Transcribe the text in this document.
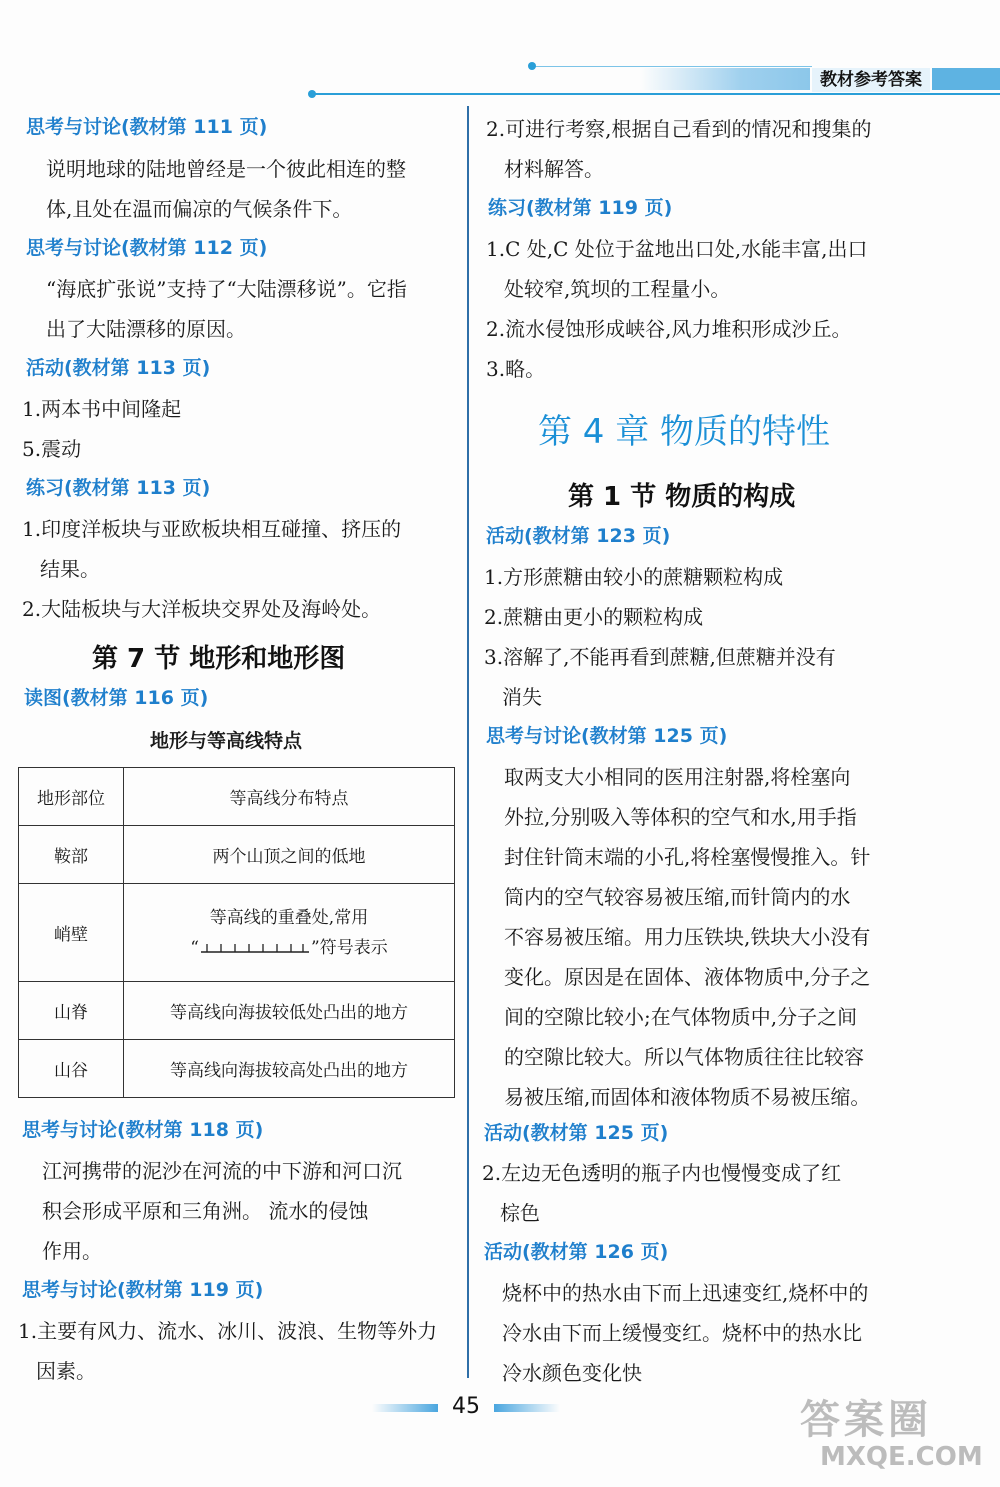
教材参考答案
思考与讨论(教材第 111 页)
说明地球的陆地曾经是一个彼此相连的整
体,且处在温而偏凉的气候条件下。
思考与讨论(教材第 112 页)
“海底扩张说”支持了“大陆漂移说”。它指
出了大陆漂移的原因。
活动(教材第 113 页)
1.两本书中间隆起
5.震动
练习(教材第 113 页)
1.印度洋板块与亚欧板块相互碰撞、挤压的
结果。
2.大陆板块与大洋板块交界处及海岭处。
第 7 节 地形和地形图
读图(教材第 116 页)
地形与等高线特点
地形部位	等高线分布特点
鞍部	两个山顶之间的低地
峭壁	等高线的重叠处,常用
“ ”符号表示

山脊	等高线向海拔较低处凸出的地方
山谷	等高线向海拔较高处凸出的地方
思考与讨论(教材第 118 页)
江河携带的泥沙在河流的中下游和河口沉
积会形成平原和三角洲。 流水的侵蚀
作用。
思考与讨论(教材第 119 页)
1.主要有风力、流水、冰川、波浪、生物等外力
因素。
2.可进行考察,根据自己看到的情况和搜集的
材料解答。
练习(教材第 119 页)
1.C 处,C 处位于盆地出口处,水能丰富,出口
处较窄,筑坝的工程量小。
2.流水侵蚀形成峡谷,风力堆积形成沙丘。
3.略。
第 4 章 物质的特性
第 1 节 物质的构成
活动(教材第 123 页)
1.方形蔗糖由较小的蔗糖颗粒构成
2.蔗糖由更小的颗粒构成
3.溶解了,不能再看到蔗糖,但蔗糖并没有
消失
思考与讨论(教材第 125 页)
取两支大小相同的医用注射器,将栓塞向
外拉,分别吸入等体积的空气和水,用手指
封住针筒末端的小孔,将栓塞慢慢推入。针
筒内的空气较容易被压缩,而针筒内的水
不容易被压缩。用力压铁块,铁块大小没有
变化。原因是在固体、液体物质中,分子之
间的空隙比较小;在气体物质中,分子之间
的空隙比较大。所以气体物质往往比较容
易被压缩,而固体和液体物质不易被压缩。
活动(教材第 125 页)
2.左边无色透明的瓶子内也慢慢变成了红
棕色
活动(教材第 126 页)
烧杯中的热水由下而上迅速变红,烧杯中的
冷水由下而上缓慢变红。烧杯中的热水比
冷水颜色变化快
45	答案圈
MXQE.COM
